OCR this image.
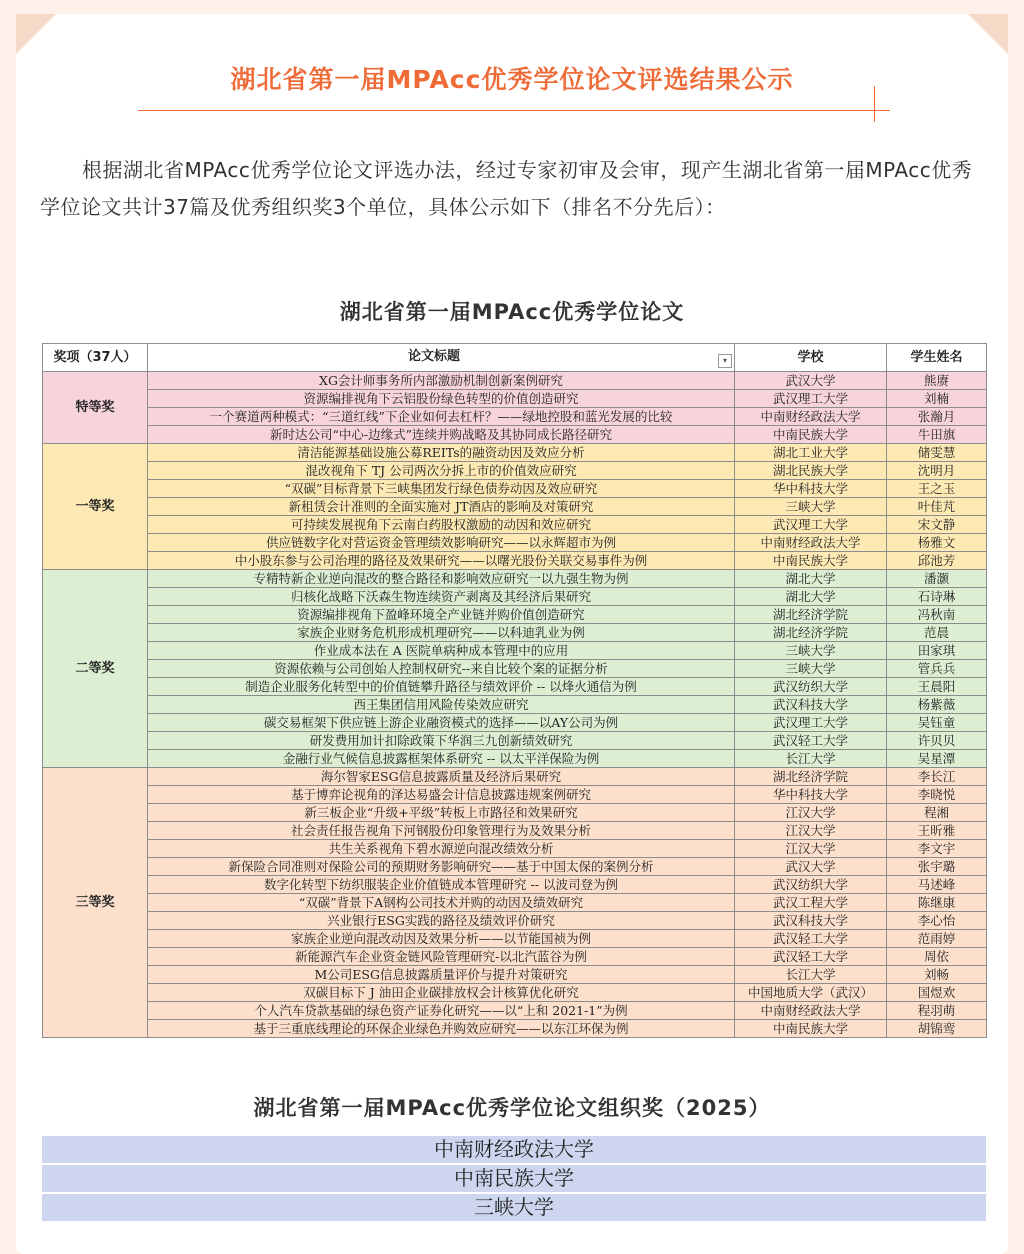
湖北省第一届MPAcc优秀学位论文评选结果公示

根据湖北省MPAcc优秀学位论文评选办法，经过专家初审及会审，现产生湖北省第一届MPAcc优秀学位论文共计37篇及优秀组织奖3个单位，具体公示如下（排名不分先后）：

湖北省第一届MPAcc优秀学位论文
奖项（37人）	论文标题 ▾	学校	学生姓名
特等奖	XG会计师事务所内部激励机制创新案例研究	武汉大学	熊赓
	资源编排视角下云铝股份绿色转型的价值创造研究	武汉理工大学	刘楠
	一个赛道两种模式：“三道红线”下企业如何去杠杆？——绿地控股和蓝光发展的比较	中南财经政法大学	张瀚月
	新时达公司“中心-边缘式”连续并购战略及其协同成长路径研究	中南民族大学	牛田旗
一等奖	清洁能源基础设施公募REITs的融资动因及效应分析	湖北工业大学	储雯慧
	混改视角下 TJ 公司两次分拆上市的价值效应研究	湖北民族大学	沈明月
	“双碳”目标背景下三峡集团发行绿色债券动因及效应研究	华中科技大学	王之玉
	新租赁会计准则的全面实施对 JT酒店的影响及对策研究	三峡大学	叶佳芃
	可持续发展视角下云南白药股权激励的动因和效应研究	武汉理工大学	宋文静
	供应链数字化对营运资金管理绩效影响研究——以永辉超市为例	中南财经政法大学	杨雅文
	中小股东参与公司治理的路径及效果研究——以曙光股份关联交易事件为例	中南民族大学	邱池芳
二等奖	专精特新企业逆向混改的整合路径和影响效应研究一以九强生物为例	湖北大学	潘灏
	归核化战略下沃森生物连续资产剥离及其经济后果研究	湖北大学	石诗琳
	资源编排视角下盈峰环境全产业链并购价值创造研究	湖北经济学院	冯秋南
	家族企业财务危机形成机理研究——以科迪乳业为例	湖北经济学院	范晨
	作业成本法在 A 医院单病种成本管理中的应用	三峡大学	田家琪
	资源依赖与公司创始人控制权研究--来自比较个案的证据分析	三峡大学	管兵兵
	制造企业服务化转型中的价值链攀升路径与绩效评价 -- 以烽火通信为例	武汉纺织大学	王晨阳
	西王集团信用风险传染效应研究	武汉科技大学	杨紫薇
	碳交易框架下供应链上游企业融资模式的选择——以AY公司为例	武汉理工大学	吴钰童
	研发费用加计扣除政策下华润三九创新绩效研究	武汉轻工大学	许贝贝
	金融行业气候信息披露框架体系研究 -- 以太平洋保险为例	长江大学	吴星潭
三等奖	海尔智家ESG信息披露质量及经济后果研究	湖北经济学院	李长江
	基于博弈论视角的泽达易盛会计信息披露违规案例研究	华中科技大学	李晓悦
	新三板企业“升级+平级”转板上市路径和效果研究	江汉大学	程湘
	社会责任报告视角下河钢股份印象管理行为及效果分析	江汉大学	王昕雅
	共生关系视角下碧水源逆向混改绩效分析	江汉大学	李文宇
	新保险合同准则对保险公司的预期财务影响研究——基于中国太保的案例分析	武汉大学	张宇璐
	数字化转型下纺织服装企业价值链成本管理研究 -- 以波司登为例	武汉纺织大学	马述峰
	“双碳”背景下A钢构公司技术并购的动因及绩效研究	武汉工程大学	陈继康
	兴业银行ESG实践的路径及绩效评价研究	武汉科技大学	李心怡
	家族企业逆向混改动因及效果分析——以节能国祯为例	武汉轻工大学	范雨婷
	新能源汽车企业资金链风险管理研究-以北汽蓝谷为例	武汉轻工大学	周依
	M公司ESG信息披露质量评价与提升对策研究	长江大学	刘畅
	双碳目标下 J 油田企业碳排放权会计核算优化研究	中国地质大学（武汉）	国煜欢
	个人汽车贷款基础的绿色资产证券化研究——以“上和 2021-1”为例	中南财经政法大学	程羽萌
	基于三重底线理论的环保企业绿色并购效应研究——以东江环保为例	中南民族大学	胡锦鸾
湖北省第一届MPAcc优秀学位论文组织奖（2025）
中南财经政法大学
中南民族大学
三峡大学
